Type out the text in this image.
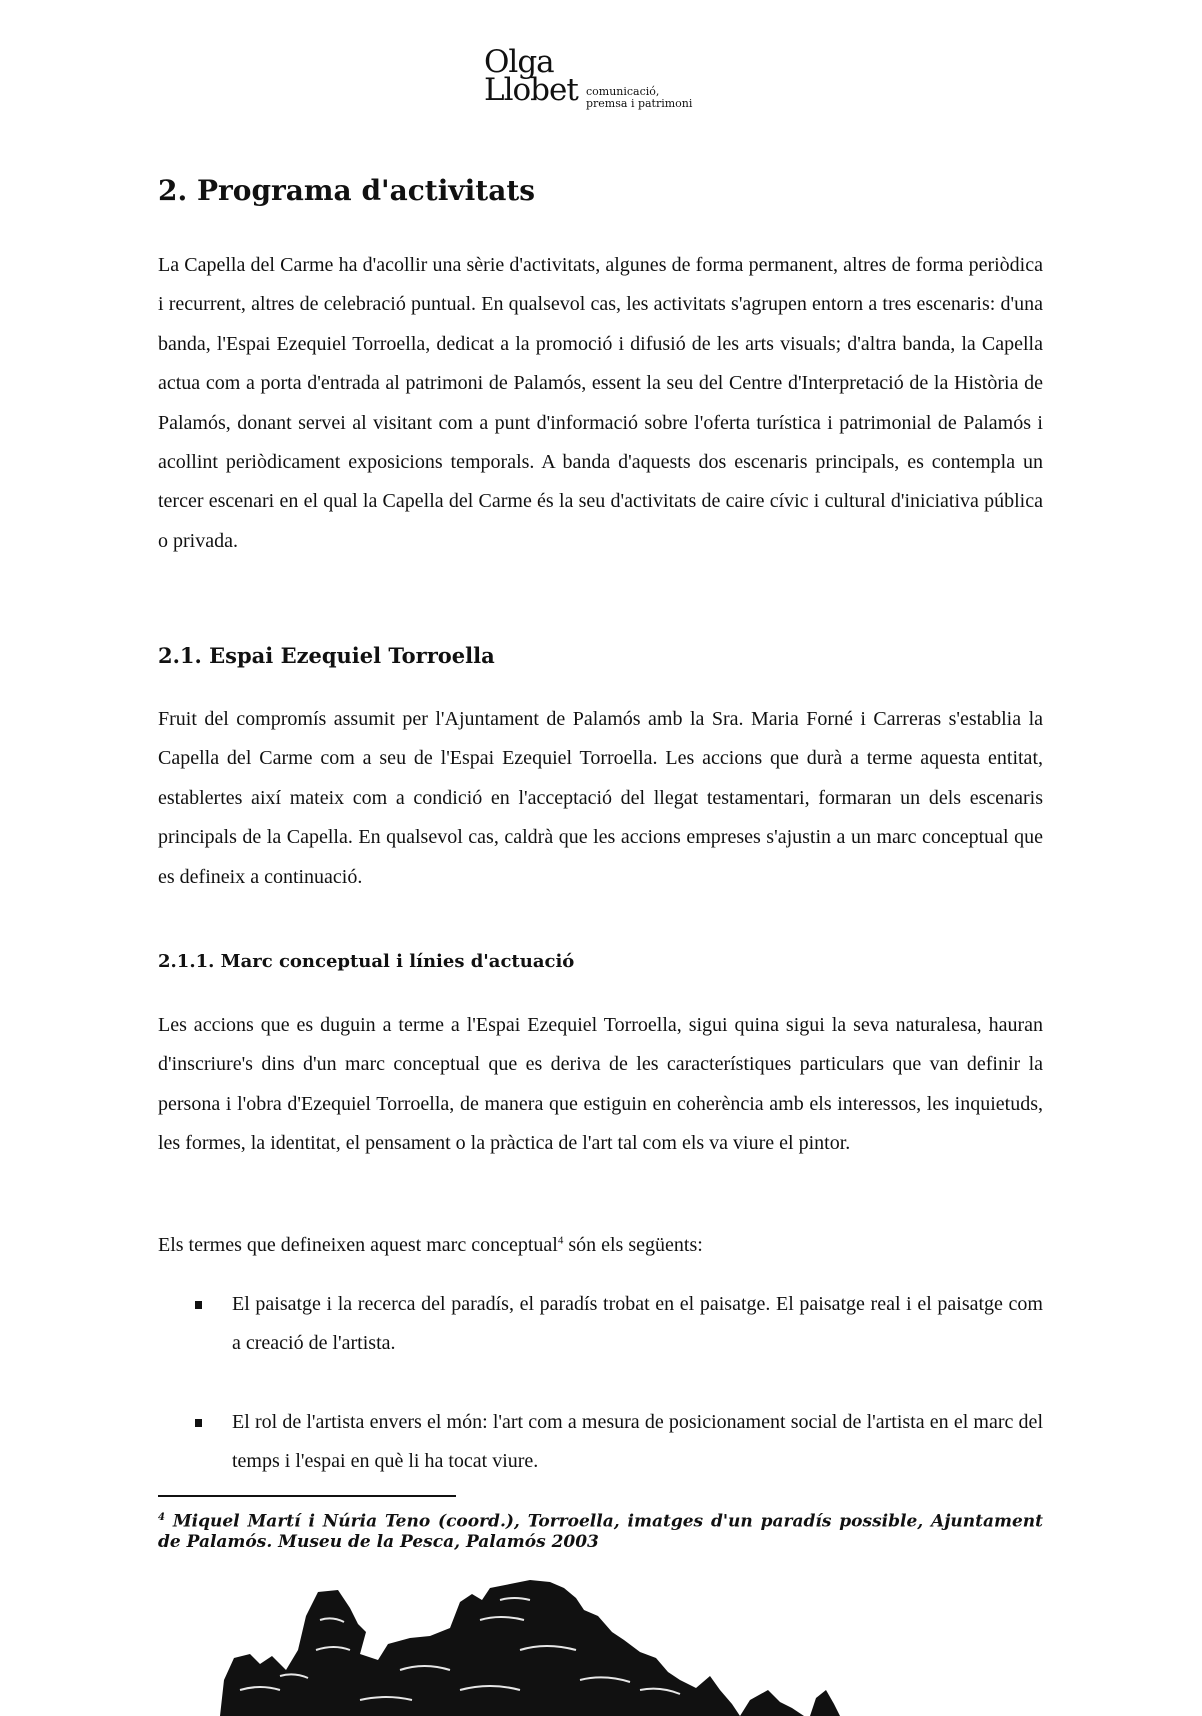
Olga
Llobet comunicació,
premsa i patrimoni
2. Programa d'activitats

La Capella del Carme ha d'acollir una sèrie d'activitats, algunes de forma permanent, altres de forma periòdica i recurrent, altres de celebració puntual. En qualsevol cas, les activitats s'agrupen entorn a tres escenaris: d'una banda, l'Espai Ezequiel Torroella, dedicat a la promoció i difusió de les arts visuals; d'altra banda, la Capella actua com a porta d'entrada al patrimoni de Palamós, essent la seu del Centre d'Interpretació de la Història de Palamós, donant servei al visitant com a punt d'informació sobre l'oferta turística i patrimonial de Palamós i acollint periòdicament exposicions temporals. A banda d'aquests dos escenaris principals, es contempla un tercer escenari en el qual la Capella del Carme és la seu d'activitats de caire cívic i cultural d'iniciativa pública o privada.

2.1. Espai Ezequiel Torroella

Fruit del compromís assumit per l'Ajuntament de Palamós amb la Sra. Maria Forné i Carreras s'establia la Capella del Carme com a seu de l'Espai Ezequiel Torroella. Les accions que durà a terme aquesta entitat, establertes així mateix com a condició en l'acceptació del llegat testamentari, formaran un dels escenaris principals de la Capella. En qualsevol cas, caldrà que les accions empreses s'ajustin a un marc conceptual que es defineix a continuació.

2.1.1. Marc conceptual i línies d'actuació

Les accions que es duguin a terme a l'Espai Ezequiel Torroella, sigui quina sigui la seva naturalesa, hauran d'inscriure's dins d'un marc conceptual que es deriva de les característiques particulars que van definir la persona i l'obra d'Ezequiel Torroella, de manera que estiguin en coherència amb els interessos, les inquietuds, les formes, la identitat, el pensament o la pràctica de l'art tal com els va viure el pintor.

Els termes que defineixen aquest marc conceptual$^4$ són els següents:

El paisatge i la recerca del paradís, el paradís trobat en el paisatge. El paisatge real i el paisatge com a creació de l'artista.
El rol de l'artista envers el món: l'art com a mesura de posicionament social de l'artista en el marc del temps i l'espai en què li ha tocat viure.

$^4$ Miquel Martí i Núria Teno (coord.), Torroella, imatges d'un paradís possible, Ajuntament de Palamós. Museu de la Pesca, Palamós 2003
